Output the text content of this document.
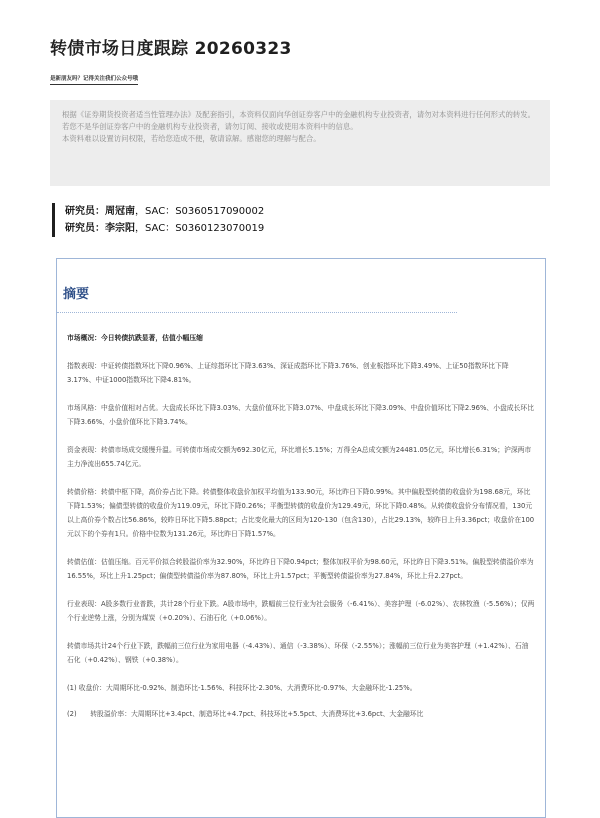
转债市场日度跟踪 20260323
是新朋友吗？记得关注我们公众号哦

根据《证券期货投资者适当性管理办法》及配套指引，本资料仅面向华创证券客户中的金融机构专业投资者，请勿对本资料进行任何形式的转发。若您不是华创证券客户中的金融机构专业投资者，请勿订阅、接收或使用本资料中的信息。

本资料难以设置访问权限，若给您造成不便，敬请谅解。感谢您的理解与配合。

研究员：周冠南，SAC：S0360517090002
研究员：李宗阳，SAC：S0360123070019
摘要

市场概况：今日转债抗跌显著，估值小幅压缩

指数表现：中证转债指数环比下降0.96%、上证综指环比下降3.63%、深证成指环比下降3.76%、创业板指环比下降3.49%、上证50指数环比下降3.17%、中证1000指数环比下降4.81%。

市场风格：中盘价值相对占优。大盘成长环比下降3.03%、大盘价值环比下降3.07%、中盘成长环比下降3.09%、中盘价值环比下降2.96%、小盘成长环比下降3.66%、小盘价值环比下降3.74%。

资金表现：转债市场成交缓慢升温。可转债市场成交额为692.30亿元，环比增长5.15%；万得全A总成交额为24481.05亿元，环比增长6.31%；沪深两市主力净流出655.74亿元。

转债价格：转债中枢下降，高价券占比下降。转债整体收盘价加权平均值为133.90元，环比昨日下降0.99%。其中偏股型转债的收盘价为198.68元，环比下降1.53%；偏债型转债的收盘价为119.09元，环比下降0.26%；平衡型转债的收盘价为129.49元，环比下降0.48%。从转债收盘价分布情况看，130元以上高价券个数占比56.86%，较昨日环比下降5.88pct；占比变化最大的区间为120-130（包含130），占比29.13%，较昨日上升3.36pct；收盘价在100元以下的个券有1只。价格中位数为131.26元，环比昨日下降1.57%。

转债估值：估值压缩。百元平价拟合转股溢价率为32.90%，环比昨日下降0.94pct；整体加权平价为98.60元，环比昨日下降3.51%。偏股型转债溢价率为16.55%，环比上升1.25pct；偏债型转债溢价率为87.80%，环比上升1.57pct；平衡型转债溢价率为27.84%，环比上升2.27pct。

行业表现：A股多数行业普跌，共计28个行业下跌。A股市场中，跌幅前三位行业为社会服务（-6.41%）、美容护理（-6.02%）、农林牧渔（-5.56%）；仅两个行业逆势上涨，分别为煤炭（+0.20%）、石油石化（+0.06%）。

转债市场共计24个行业下跌，跌幅前三位行业为家用电器（-4.43%）、通信（-3.38%）、环保（-2.55%）；涨幅前三位行业为美容护理（+1.42%）、石油石化（+0.42%）、钢铁（+0.38%）。

(1) 收盘价：大周期环比-0.92%、制造环比-1.56%、科技环比-2.30%、大消费环比-0.97%、大金融环比-1.25%。

(2)　　转股溢价率：大周期环比+3.4pct、制造环比+4.7pct、科技环比+5.5pct、大消费环比+3.6pct、大金融环比
